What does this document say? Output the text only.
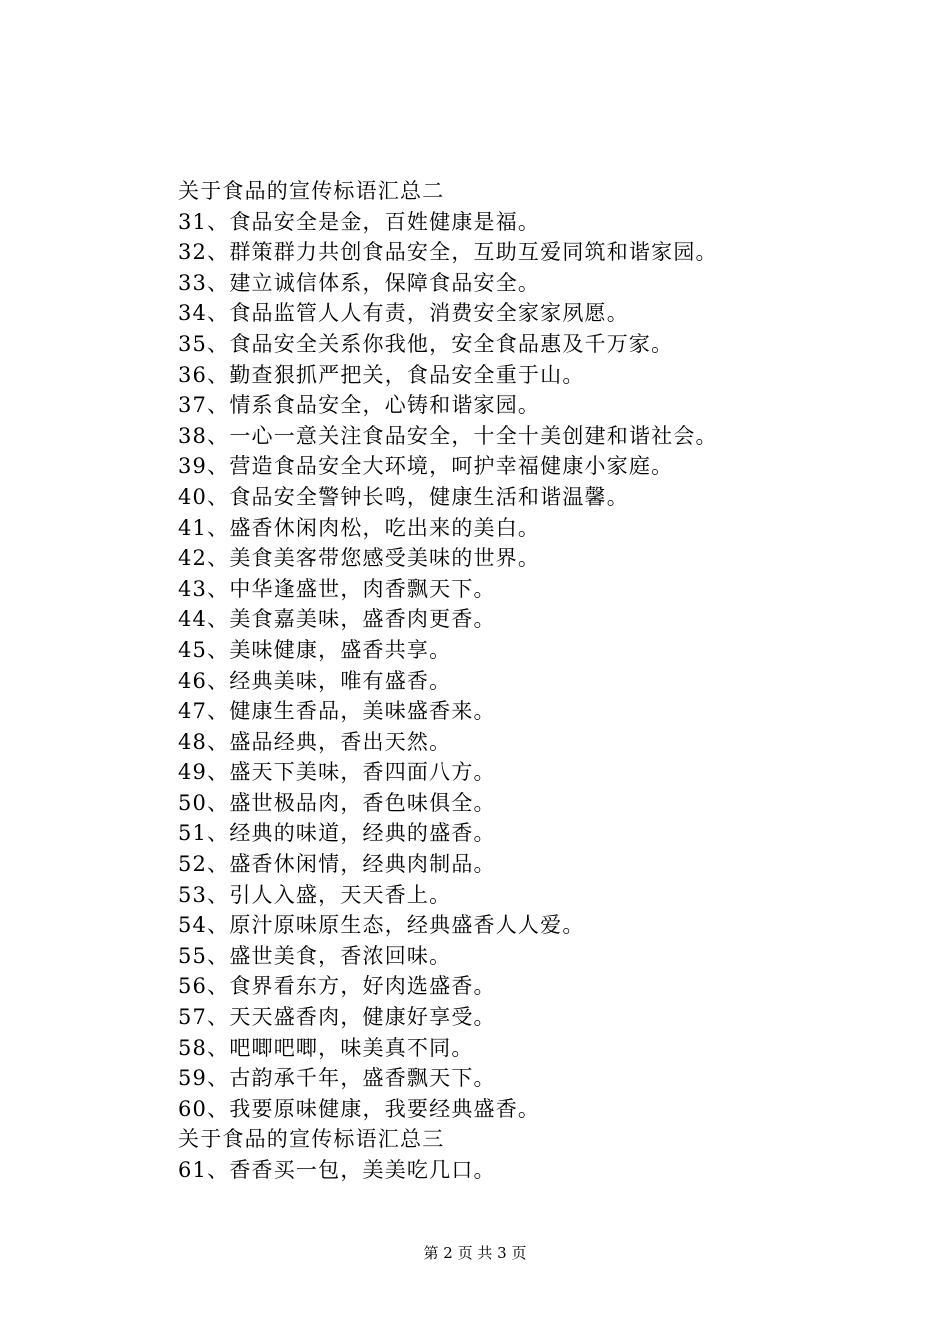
关于食品的宣传标语汇总二
31、食品安全是金，百姓健康是福。
32、群策群力共创食品安全，互助互爱同筑和谐家园。
33、建立诚信体系，保障食品安全。
34、食品监管人人有责，消费安全家家夙愿。
35、食品安全关系你我他，安全食品惠及千万家。
36、勤查狠抓严把关，食品安全重于山。
37、情系食品安全，心铸和谐家园。
38、一心一意关注食品安全，十全十美创建和谐社会。
39、营造食品安全大环境，呵护幸福健康小家庭。
40、食品安全警钟长鸣，健康生活和谐温馨。
41、盛香休闲肉松，吃出来的美白。
42、美食美客带您感受美味的世界。
43、中华逢盛世，肉香飘天下。
44、美食嘉美味，盛香肉更香。
45、美味健康，盛香共享。
46、经典美味，唯有盛香。
47、健康生香品，美味盛香来。
48、盛品经典，香出天然。
49、盛天下美味，香四面八方。
50、盛世极品肉，香色味俱全。
51、经典的味道，经典的盛香。
52、盛香休闲情，经典肉制品。
53、引人入盛，天天香上。
54、原汁原味原生态，经典盛香人人爱。
55、盛世美食，香浓回味。
56、食界看东方，好肉选盛香。
57、天天盛香肉，健康好享受。
58、吧唧吧唧，味美真不同。
59、古韵承千年，盛香飘天下。
60、我要原味健康，我要经典盛香。
关于食品的宣传标语汇总三
61、香香买一包，美美吃几口。
第 2 页 共 3 页
